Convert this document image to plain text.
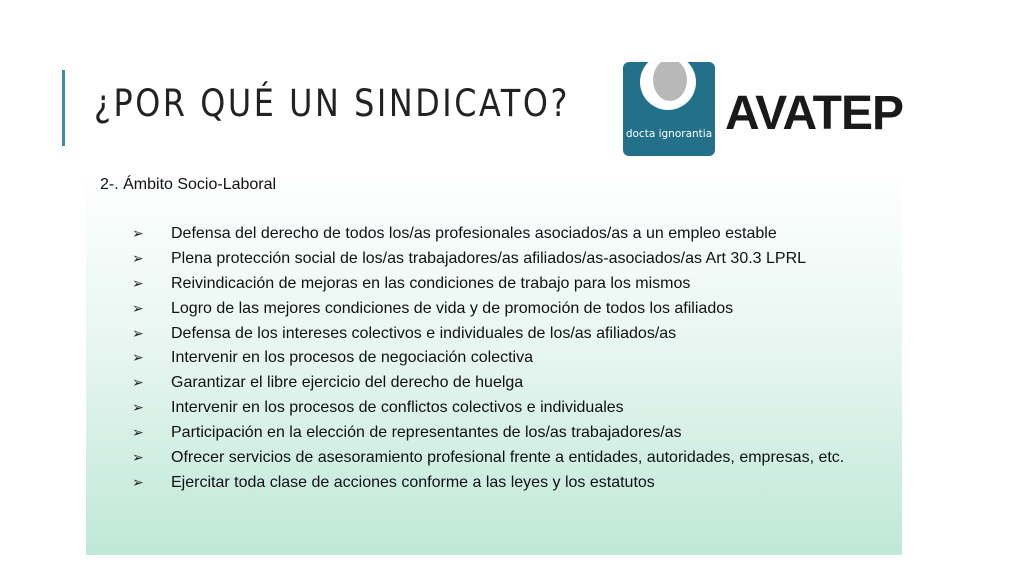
¿POR QUÉ UN SINDICATO?
docta ignorantia AVATEP
2-. Ámbito Socio-Laboral
➢ Defensa del derecho de todos los/as profesionales asociados/as a un empleo estable
➢ Plena protección social de los/as trabajadores/as afiliados/as-asociados/as Art 30.3 LPRL
➢ Reivindicación de mejoras en las condiciones de trabajo para los mismos
➢ Logro de las mejores condiciones de vida y de promoción de todos los afiliados
➢ Defensa de los intereses colectivos e individuales de los/as afiliados/as
➢ Intervenir en los procesos de negociación colectiva
➢ Garantizar el libre ejercicio del derecho de huelga
➢ Intervenir en los procesos de conflictos colectivos e individuales
➢ Participación en la elección de representantes de los/as trabajadores/as
➢ Ofrecer servicios de asesoramiento profesional frente a entidades, autoridades, empresas, etc.
➢ Ejercitar toda clase de acciones conforme a las leyes y los estatutos
